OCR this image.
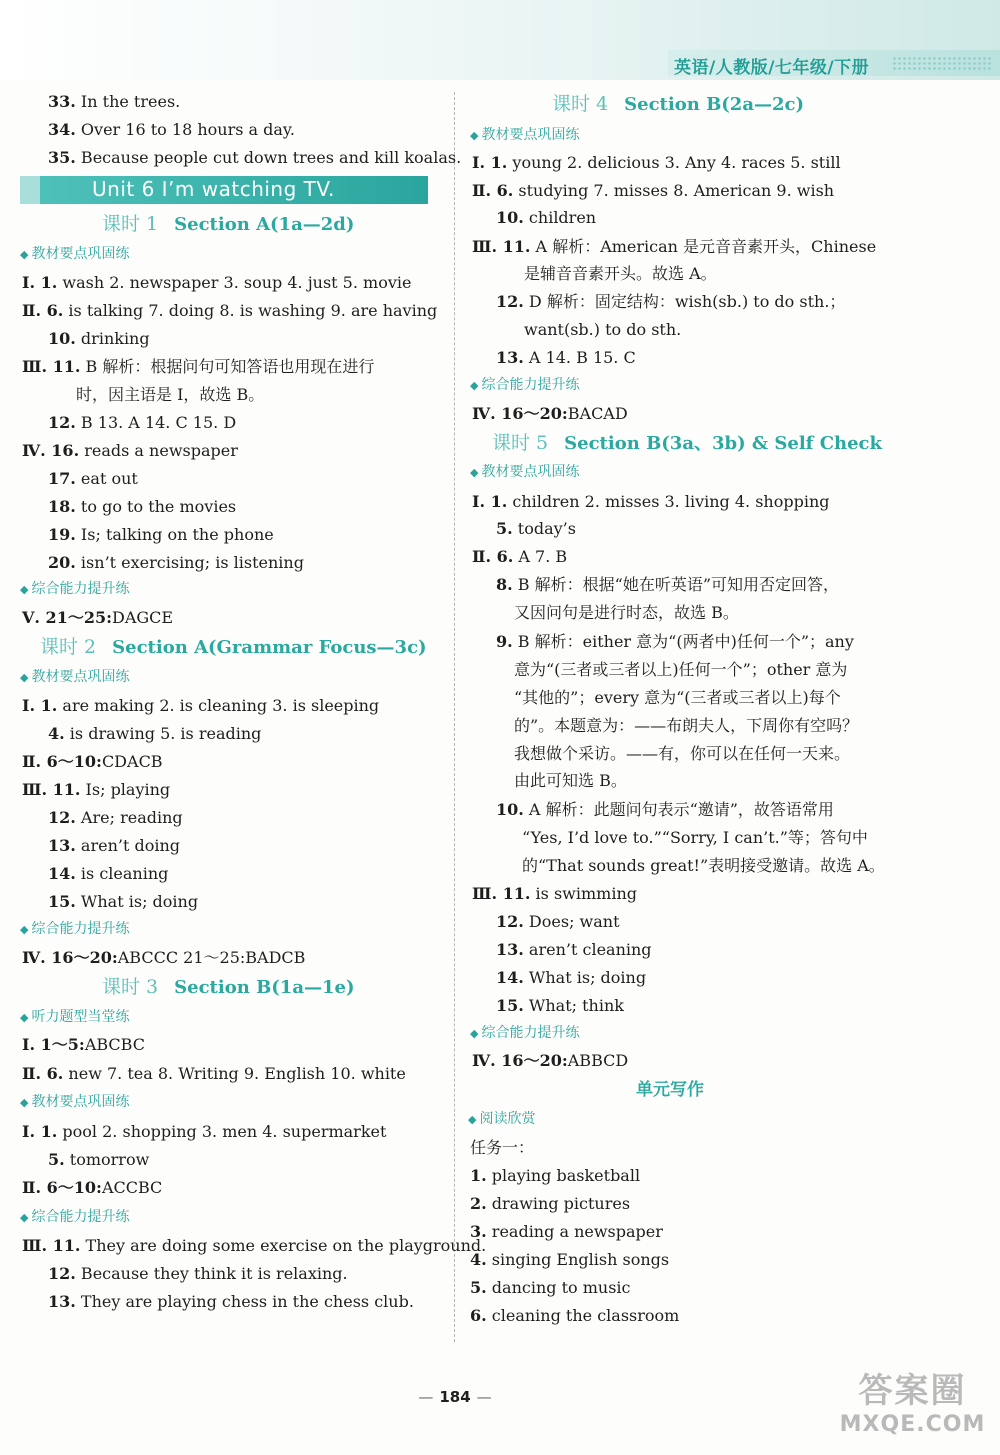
英语/人教版/七年级/下册
Unit 6 I’m watching TV.
33. In the trees.
34. Over 16 to 18 hours a day.
35. Because people cut down trees and kill koalas.
课时 1 Section A(1a—2d)
◆ 教材要点巩固练
Ⅰ. 1. wash 2. newspaper 3. soup 4. just 5. movie
Ⅱ. 6. is talking 7. doing 8. is washing 9. are having
10. drinking
Ⅲ. 11. B 解析：根据问句可知答语也用现在进行
时，因主语是 I，故选 B。
12. B 13. A 14. C 15. D
Ⅳ. 16. reads a newspaper
17. eat out
18. to go to the movies
19. Is; talking on the phone
20. isn’t exercising; is listening
◆ 综合能力提升练
Ⅴ. 21～25:DAGCE
课时 2 Section A(Grammar Focus—3c)
◆ 教材要点巩固练
Ⅰ. 1. are making 2. is cleaning 3. is sleeping
4. is drawing 5. is reading
Ⅱ. 6～10:CDACB
Ⅲ. 11. Is; playing
12. Are; reading
13. aren’t doing
14. is cleaning
15. What is; doing
◆ 综合能力提升练
Ⅳ. 16～20:ABCCC 21～25:BADCB
课时 3 Section B(1a—1e)
◆ 听力题型当堂练
Ⅰ. 1～5:ABCBC
Ⅱ. 6. new 7. tea 8. Writing 9. English 10. white
◆ 教材要点巩固练
Ⅰ. 1. pool 2. shopping 3. men 4. supermarket
5. tomorrow
Ⅱ. 6～10:ACCBC
◆ 综合能力提升练
Ⅲ. 11. They are doing some exercise on the playground.
12. Because they think it is relaxing.
13. They are playing chess in the chess club.
课时 4 Section B(2a—2c)
◆ 教材要点巩固练
Ⅰ. 1. young 2. delicious 3. Any 4. races 5. still
Ⅱ. 6. studying 7. misses 8. American 9. wish
10. children
Ⅲ. 11. A 解析：American 是元音音素开头，Chinese
是辅音音素开头。故选 A。
12. D 解析：固定结构：wish(sb.) to do sth.；
want(sb.) to do sth.
13. A 14. B 15. C
◆ 综合能力提升练
Ⅳ. 16～20:BACAD
课时 5 Section B(3a、3b) & Self Check
◆ 教材要点巩固练
Ⅰ. 1. children 2. misses 3. living 4. shopping
5. today’s
Ⅱ. 6. A 7. B
8. B 解析：根据“她在听英语”可知用否定回答，
又因问句是进行时态，故选 B。
9. B 解析：either 意为“(两者中)任何一个”；any
意为“(三者或三者以上)任何一个”；other 意为
“其他的”；every 意为“(三者或三者以上)每个
的”。本题意为：——布朗夫人，下周你有空吗？
我想做个采访。——有，你可以在任何一天来。
由此可知选 B。
10. A 解析：此题问句表示“邀请”，故答语常用
“Yes, I’d love to.”“Sorry, I can’t.”等；答句中
的“That sounds great!”表明接受邀请。故选 A。
Ⅲ. 11. is swimming
12. Does; want
13. aren’t cleaning
14. What is; doing
15. What; think
◆ 综合能力提升练
Ⅳ. 16～20:ABBCD
单元写作
◆ 阅读欣赏
任务一：
1. playing basketball
2. drawing pictures
3. reading a newspaper
4. singing English songs
5. dancing to music
6. cleaning the classroom
— 184 —	答案圈
MXQE.COM
